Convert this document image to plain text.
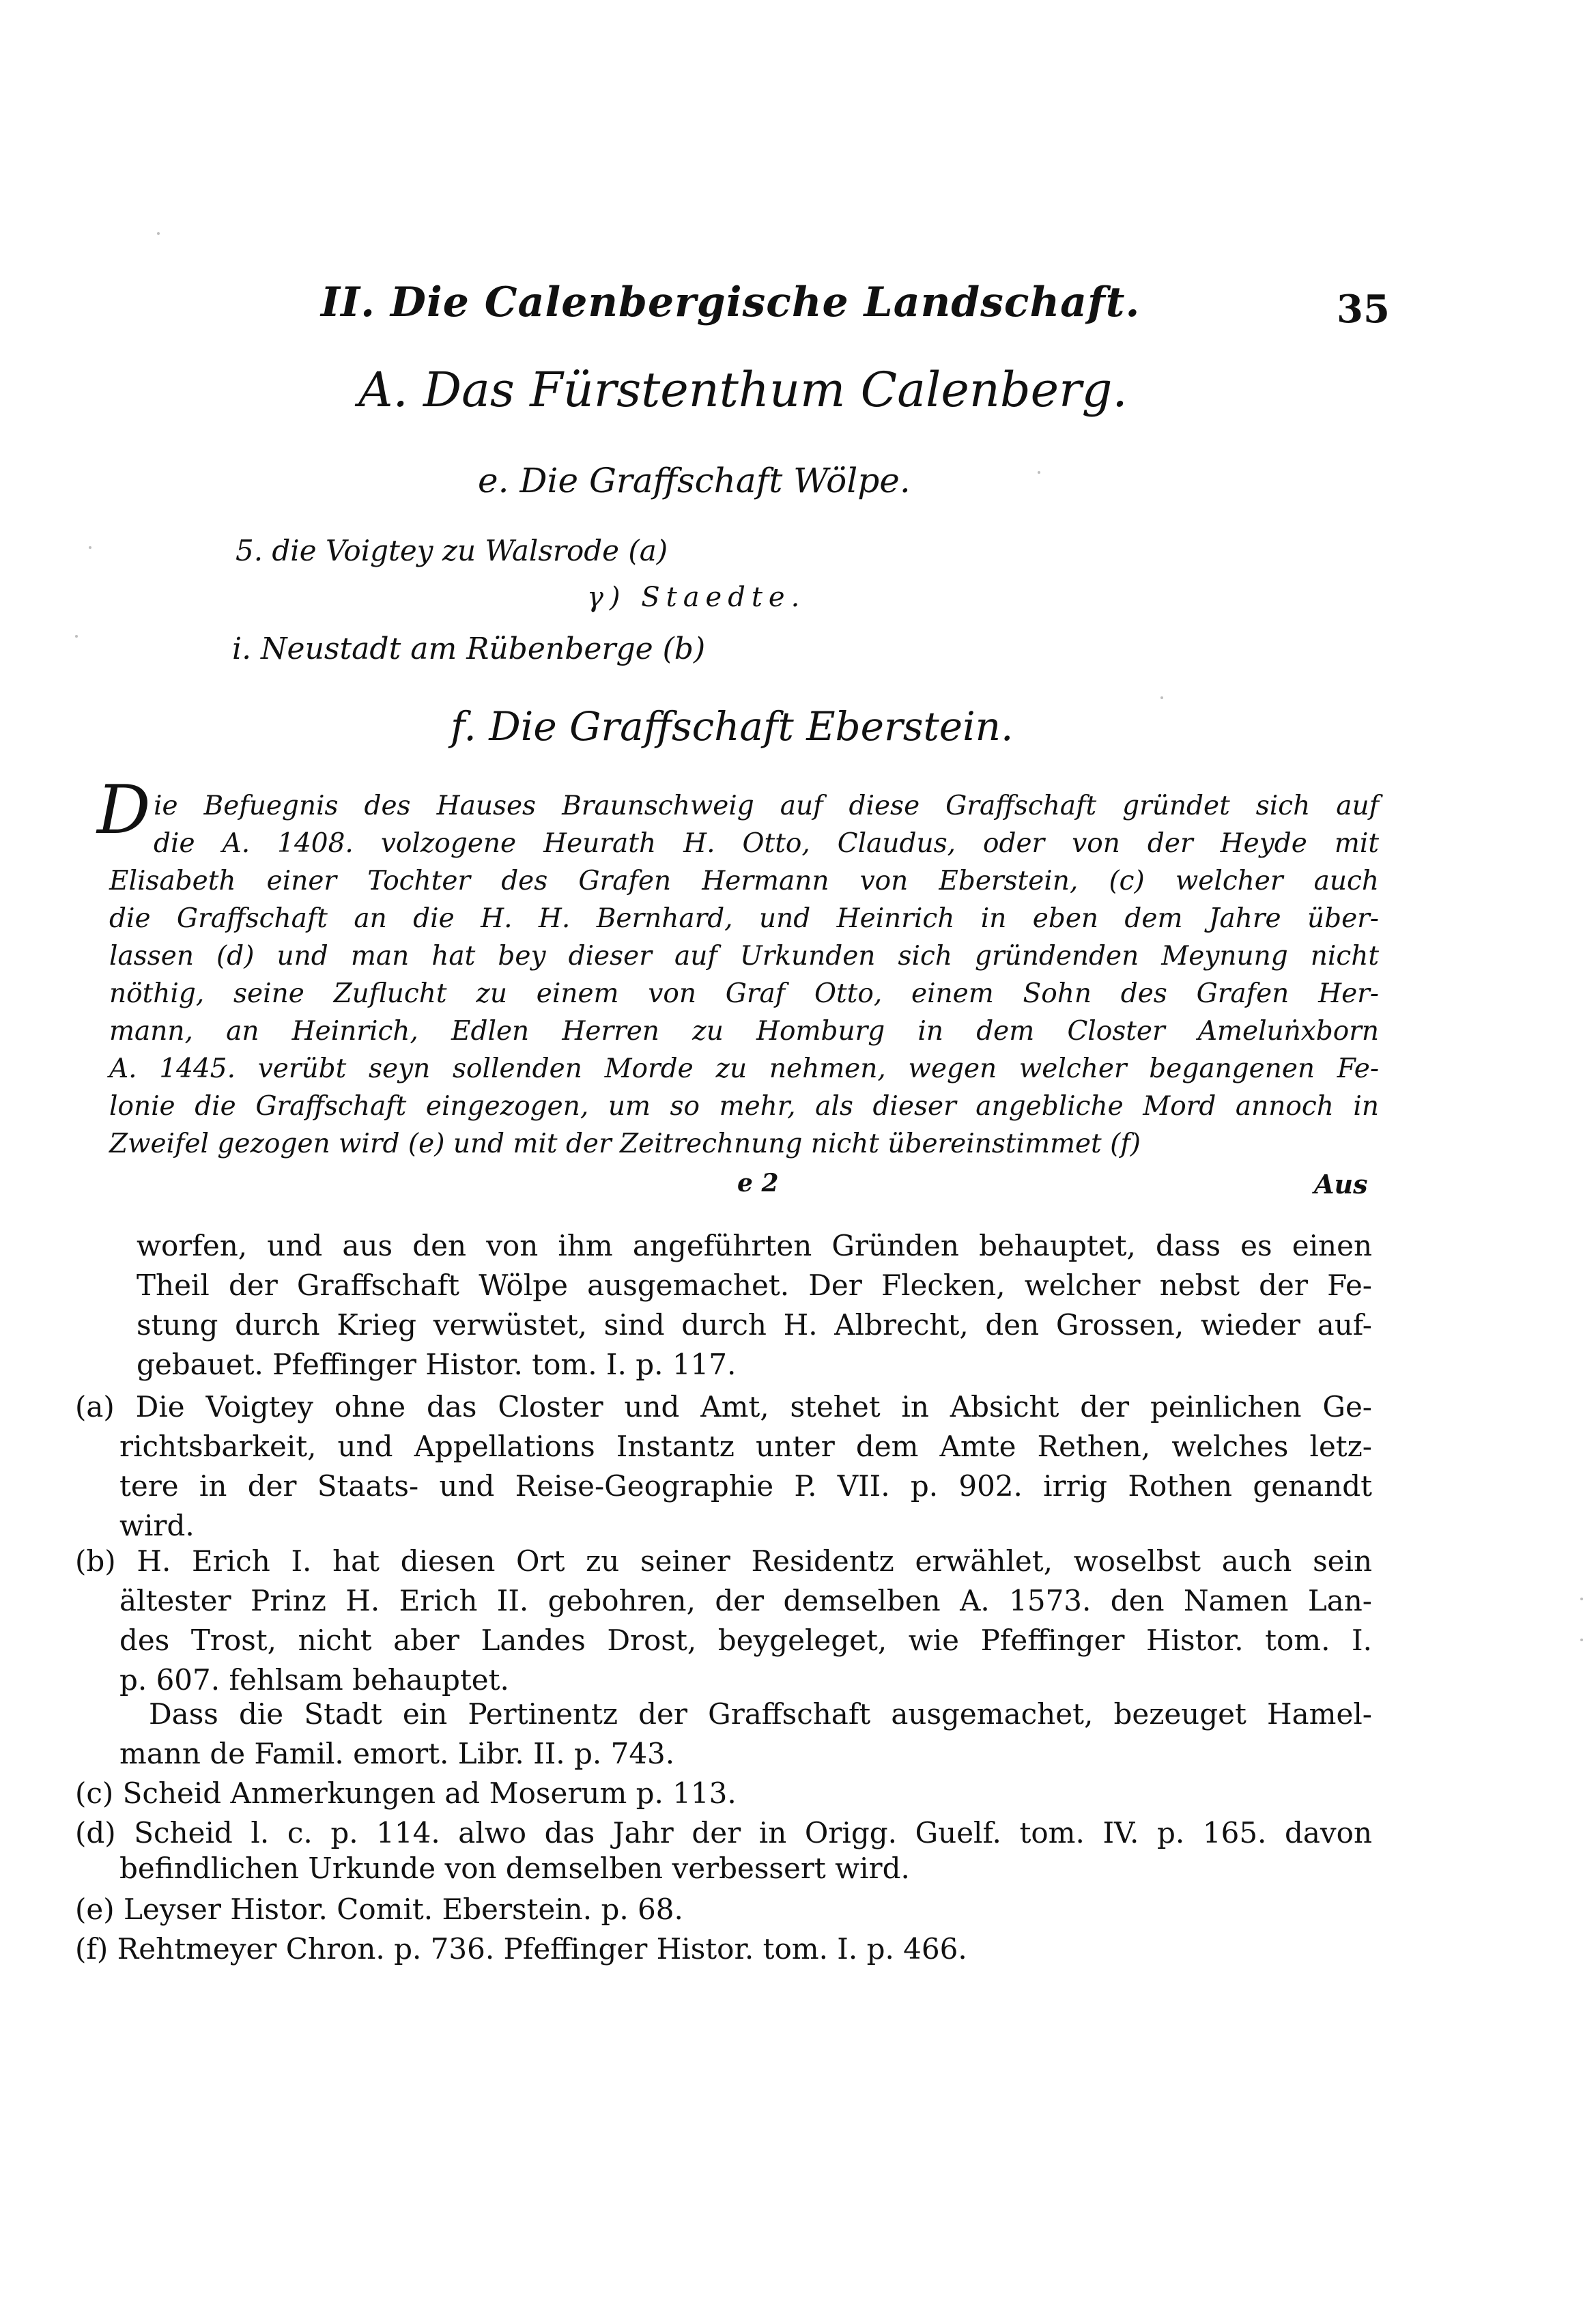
II. Die Calenbergische Landschaft.	35
A. Das Fürstenthum Calenberg.
e. Die Graffschaft Wölpe.
5. die Voigtey zu Walsrode (a)
γ) Staedte.
i. Neustadt am Rübenberge (b)
f. Die Graffschaft Eberstein.
D ie Befuegnis des Hauses Braunschweig auf diese Graffschaft gründet sich auf
die A. 1408. volzogene Heurath H. Otto, Claudus, oder von der Heyde mit
Elisabeth einer Tochter des Grafen Hermann von Eberstein, (c) welcher auch
die Graffschaft an die H. H. Bernhard, und Heinrich in eben dem Jahre über-
lassen (d) und man hat bey dieser auf Urkunden sich gründenden Meynung nicht
nöthig, seine Zuflucht zu einem von Graf Otto, einem Sohn des Grafen Her-
mann, an Heinrich, Edlen Herren zu Homburg in dem Closter Ameluṅxborn
A. 1445. verübt seyn sollenden Morde zu nehmen, wegen welcher begangenen Fe-
lonie die Graffschaft eingezogen, um so mehr, als dieser angebliche Mord annoch in
Zweifel gezogen wird (e) und mit der Zeitrechnung nicht übereinstimmet (f)
e 2	Aus
worfen, und aus den von ihm angeführten Gründen behauptet, dass es einen
Theil der Graffschaft Wölpe ausgemachet. Der Flecken, welcher nebst der Fe-
stung durch Krieg verwüstet, sind durch H. Albrecht, den Grossen, wieder auf-
gebauet. Pfeffinger Histor. tom. I. p. 117.
(a) Die Voigtey ohne das Closter und Amt, stehet in Absicht der peinlichen Ge-
richtsbarkeit, und Appellations Instantz unter dem Amte Rethen, welches letz-
tere in der Staats- und Reise-Geographie P. VII. p. 902. irrig Rothen genandt
wird.
(b) H. Erich I. hat diesen Ort zu seiner Residentz erwählet, woselbst auch sein
ältester Prinz H. Erich II. gebohren, der demselben A. 1573. den Namen Lan-
des Trost, nicht aber Landes Drost, beygeleget, wie Pfeffinger Histor. tom. I.
p. 607. fehlsam behauptet.
Dass die Stadt ein Pertinentz der Graffschaft ausgemachet, bezeuget Hamel-
mann de Famil. emort. Libr. II. p. 743.
(c) Scheid Anmerkungen ad Moserum p. 113.
(d) Scheid l. c. p. 114. alwo das Jahr der in Origg. Guelf. tom. IV. p. 165. davon
befindlichen Urkunde von demselben verbessert wird.
(e) Leyser Histor. Comit. Eberstein. p. 68.
(f) Rehtmeyer Chron. p. 736. Pfeffinger Histor. tom. I. p. 466.
